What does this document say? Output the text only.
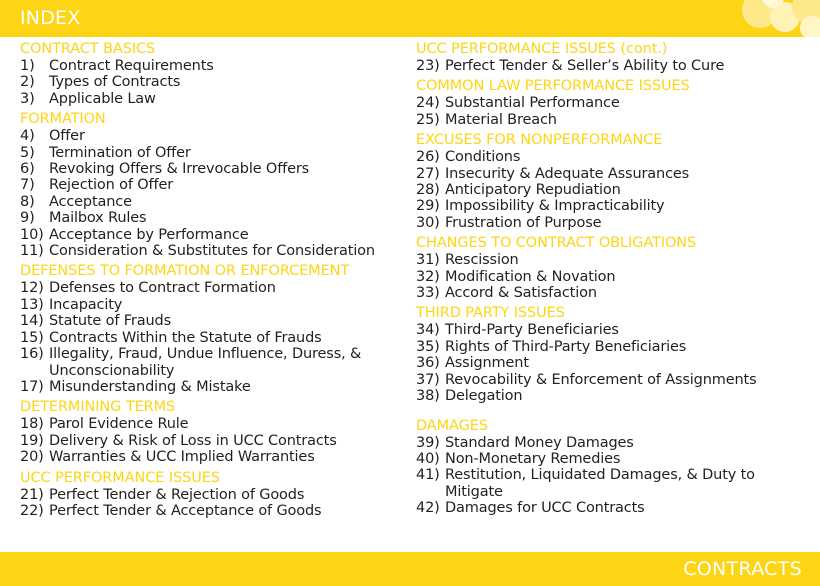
INDEX
CONTRACT BASICS
1) Contract Requirements
2) Types of Contracts
3) Applicable Law
FORMATION
4) Offer
5) Termination of Offer
6) Revoking Offers & Irrevocable Offers
7) Rejection of Offer
8) Acceptance
9) Mailbox Rules
10) Acceptance by Performance
11) Consideration & Substitutes for Consideration
DEFENSES TO FORMATION OR ENFORCEMENT
12) Defenses to Contract Formation
13) Incapacity
14) Statute of Frauds
15) Contracts Within the Statute of Frauds
16) Illegality, Fraud, Undue Influence, Duress, & Unconscionability
17) Misunderstanding & Mistake
DETERMINING TERMS
18) Parol Evidence Rule
19) Delivery & Risk of Loss in UCC Contracts
20) Warranties & UCC Implied Warranties
UCC PERFORMANCE ISSUES
21) Perfect Tender & Rejection of Goods
22) Perfect Tender & Acceptance of Goods
UCC PERFORMANCE ISSUES (cont.)
23) Perfect Tender & Seller’s Ability to Cure
COMMON LAW PERFORMANCE ISSUES
24) Substantial Performance
25) Material Breach
EXCUSES FOR NONPERFORMANCE
26) Conditions
27) Insecurity & Adequate Assurances
28) Anticipatory Repudiation
29) Impossibility & Impracticability
30) Frustration of Purpose
CHANGES TO CONTRACT OBLIGATIONS
31) Rescission
32) Modification & Novation
33) Accord & Satisfaction
THIRD PARTY ISSUES
34) Third-Party Beneficiaries
35) Rights of Third-Party Beneficiaries
36) Assignment
37) Revocability & Enforcement of Assignments
38) Delegation
DAMAGES
39) Standard Money Damages
40) Non-Monetary Remedies
41) Restitution, Liquidated Damages, & Duty to Mitigate
42) Damages for UCC Contracts
CONTRACTS
